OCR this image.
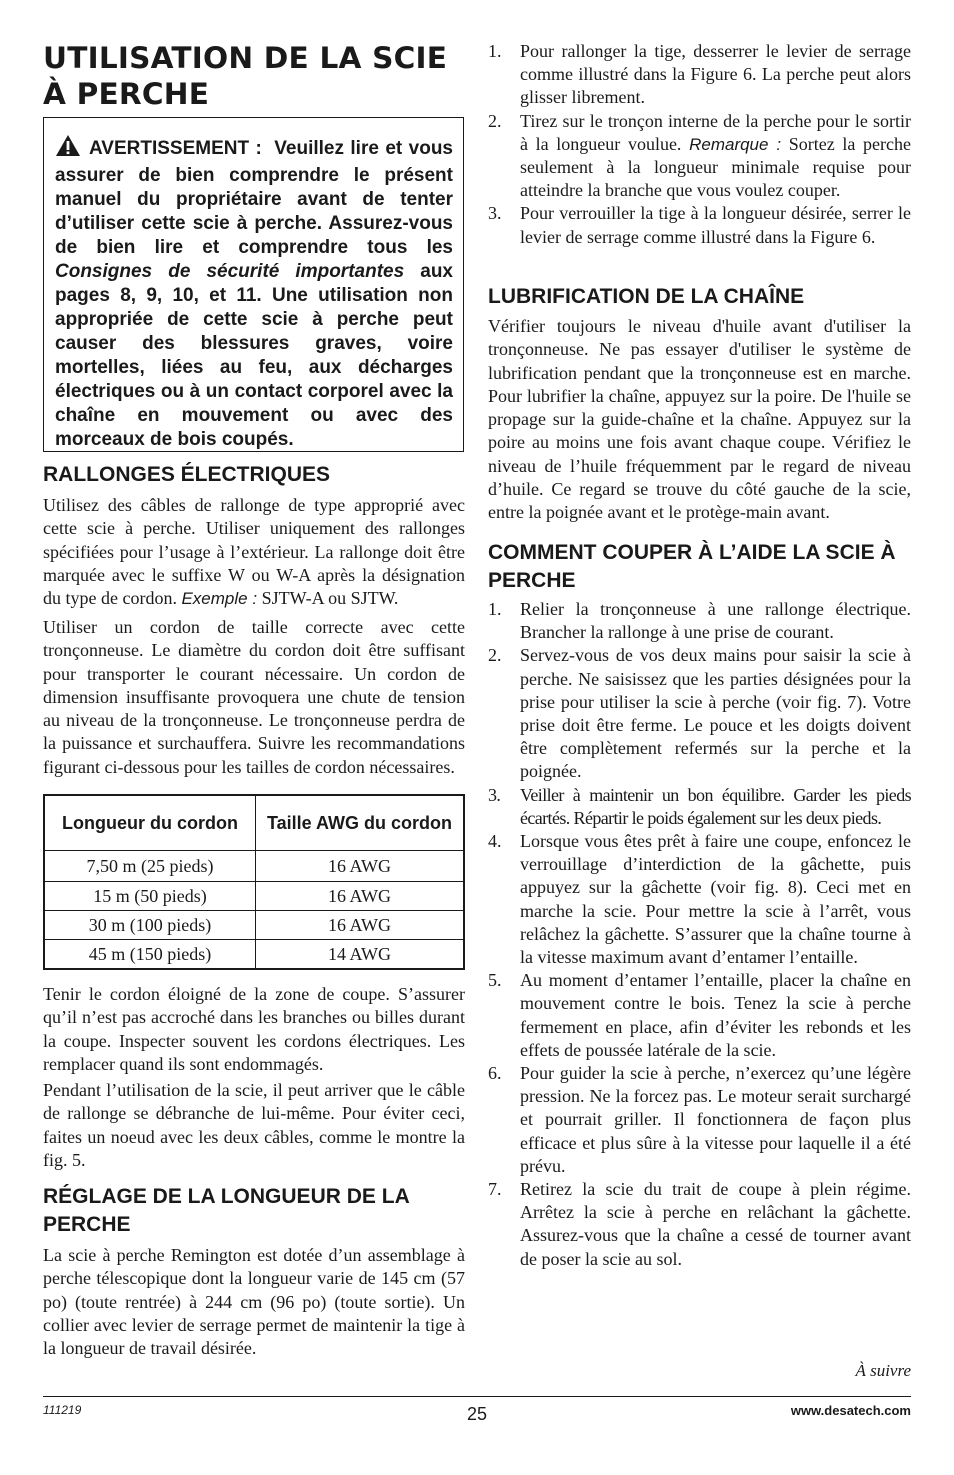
UTILISATION DE LA SCIE
À PERCHE
AVERTISSEMENT : Veuillez lire et vous assurer de bien comprendre le présent manuel du propriétaire avant de tenter d’utiliser cette scie à perche. Assurez-vous de bien lire et comprendre tous les Consignes de sécurité importantes aux pages 8, 9, 10, et 11. Une utilisation non appropriée de cette scie à perche peut causer des blessures graves, voire mortelles, liées au feu, aux décharges électriques ou à un contact corporel avec la chaîne en mouvement ou avec des morceaux de bois coupés.
RALLONGES ÉLECTRIQUES

Utilisez des câbles de rallonge de type approprié avec cette scie à perche. Utiliser uniquement des rallonges spécifiées pour l’usage à l’extérieur. La rallonge doit être marquée avec le suffixe W ou W-A après la désignation du type de cordon. Exemple : SJTW-A ou SJTW.

Utiliser un cordon de taille correcte avec cette tronçonneuse. Le diamètre du cordon doit être suffisant pour transporter le courant nécessaire. Un cordon de dimension insuffisante provoquera une chute de tension au niveau de la tronçonneuse. Le tronçonneuse perdra de la puissance et surchauffera. Suivre les recommandations figurant ci-dessous pour les tailles de cordon nécessaires.

Longueur du cordon	Taille AWG du cordon
7,50 m (25 pieds)	16 AWG
15 m (50 pieds)	16 AWG
30 m (100 pieds)	16 AWG
45 m (150 pieds)	14 AWG

Tenir le cordon éloigné de la zone de coupe. S’assurer qu’il n’est pas accroché dans les branches ou billes durant la coupe. Inspecter souvent les cordons électriques. Les remplacer quand ils sont endommagés.

Pendant l’utilisation de la scie, il peut arriver que le câble de rallonge se débranche de lui-même. Pour éviter ceci, faites un noeud avec les deux câbles, comme le montre la fig. 5.

RÉGLAGE DE LA LONGUEUR DE LA PERCHE

La scie à perche Remington est dotée d’un assemblage à perche télescopique dont la longueur varie de 145 cm (57 po) (toute rentrée) à 244 cm (96 po) (toute sortie). Un collier avec levier de serrage permet de maintenir la tige à la longueur de travail désirée.

1. Pour rallonger la tige, desserrer le levier de serrage comme illustré dans la Figure 6. La perche peut alors glisser librement.
2. Tirez sur le tronçon interne de la perche pour le sortir à la longueur voulue. Remarque : Sortez la perche seulement à la longueur minimale requise pour atteindre la branche que vous voulez couper.
3. Pour verrouiller la tige à la longueur désirée, serrer le levier de serrage comme illustré dans la Figure 6.
LUBRIFICATION DE LA CHAÎNE

Vérifier toujours le niveau d'huile avant d'utiliser la tronçonneuse. Ne pas essayer d'utiliser le système de lubrification pendant que la tronçonneuse est en marche. Pour lubrifier la chaîne, appuyez sur la poire. De l'huile se propage sur la guide-chaîne et la chaîne. Appuyez sur la poire au moins une fois avant chaque coupe. Vérifiez le niveau de l’huile fréquemment par le regard de niveau d’huile. Ce regard se trouve du côté gauche de la scie, entre la poignée avant et le protège-main avant.

COMMENT COUPER À L’AIDE LA SCIE À PERCHE
1. Relier la tronçonneuse à une rallonge électrique. Brancher la rallonge à une prise de courant.
2. Servez-vous de vos deux mains pour saisir la scie à perche. Ne saisissez que les parties désignées pour la prise pour utiliser la scie à perche (voir fig. 7). Votre prise doit être ferme. Le pouce et les doigts doivent être complètement refermés sur la perche et la poignée.
3. Veiller à maintenir un bon équilibre. Garder les pieds écartés. Répartir le poids également sur les deux pieds.
4. Lorsque vous êtes prêt à faire une coupe, enfoncez le verrouillage d’interdiction de la gâchette, puis appuyez sur la gâchette (voir fig. 8). Ceci met en marche la scie. Pour mettre la scie à l’arrêt, vous relâchez la gâchette. S’assurer que la chaîne tourne à la vitesse maximum avant d’entamer l’entaille.
5. Au moment d’entamer l’entaille, placer la chaîne en mouvement contre le bois. Tenez la scie à perche fermement en place, afin d’éviter les rebonds et les effets de poussée latérale de la scie.
6. Pour guider la scie à perche, n’exercez qu’une légère pression. Ne la forcez pas. Le moteur serait surchargé et pourrait griller. Il fonctionnera de façon plus efficace et plus sûre à la vitesse pour laquelle il a été prévu.
7. Retirez la scie du trait de coupe à plein régime. Arrêtez la scie à perche en relâchant la gâchette. Assurez-vous que la chaîne a cessé de tourner avant de poser la scie au sol.
À suivre
111219	25	www.desatech.com
